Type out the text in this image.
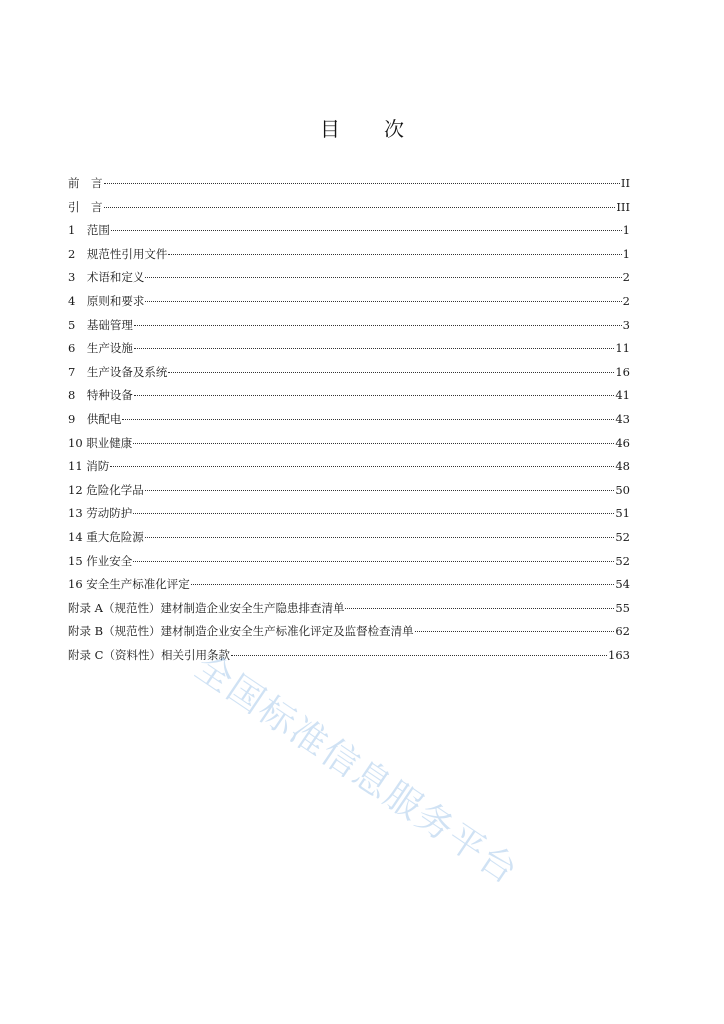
目 次
前　言	II
引　言	III
1　范围	1
2　规范性引用文件	1
3　术语和定义	2
4　原则和要求	2
5　基础管理	3
6　生产设施	11
7　生产设备及系统	16
8　特种设备	41
9　供配电	43
10 职业健康	46
11 消防	48
12 危险化学品	50
13 劳动防护	51
14 重大危险源	52
15 作业安全	52
16 安全生产标准化评定	54
附录 A（规范性）建材制造企业安全生产隐患排查清单	55
附录 B（规范性）建材制造企业安全生产标准化评定及监督检查清单	62
附录 C（资料性）相关引用条款	163
全国标准信息服务平台
